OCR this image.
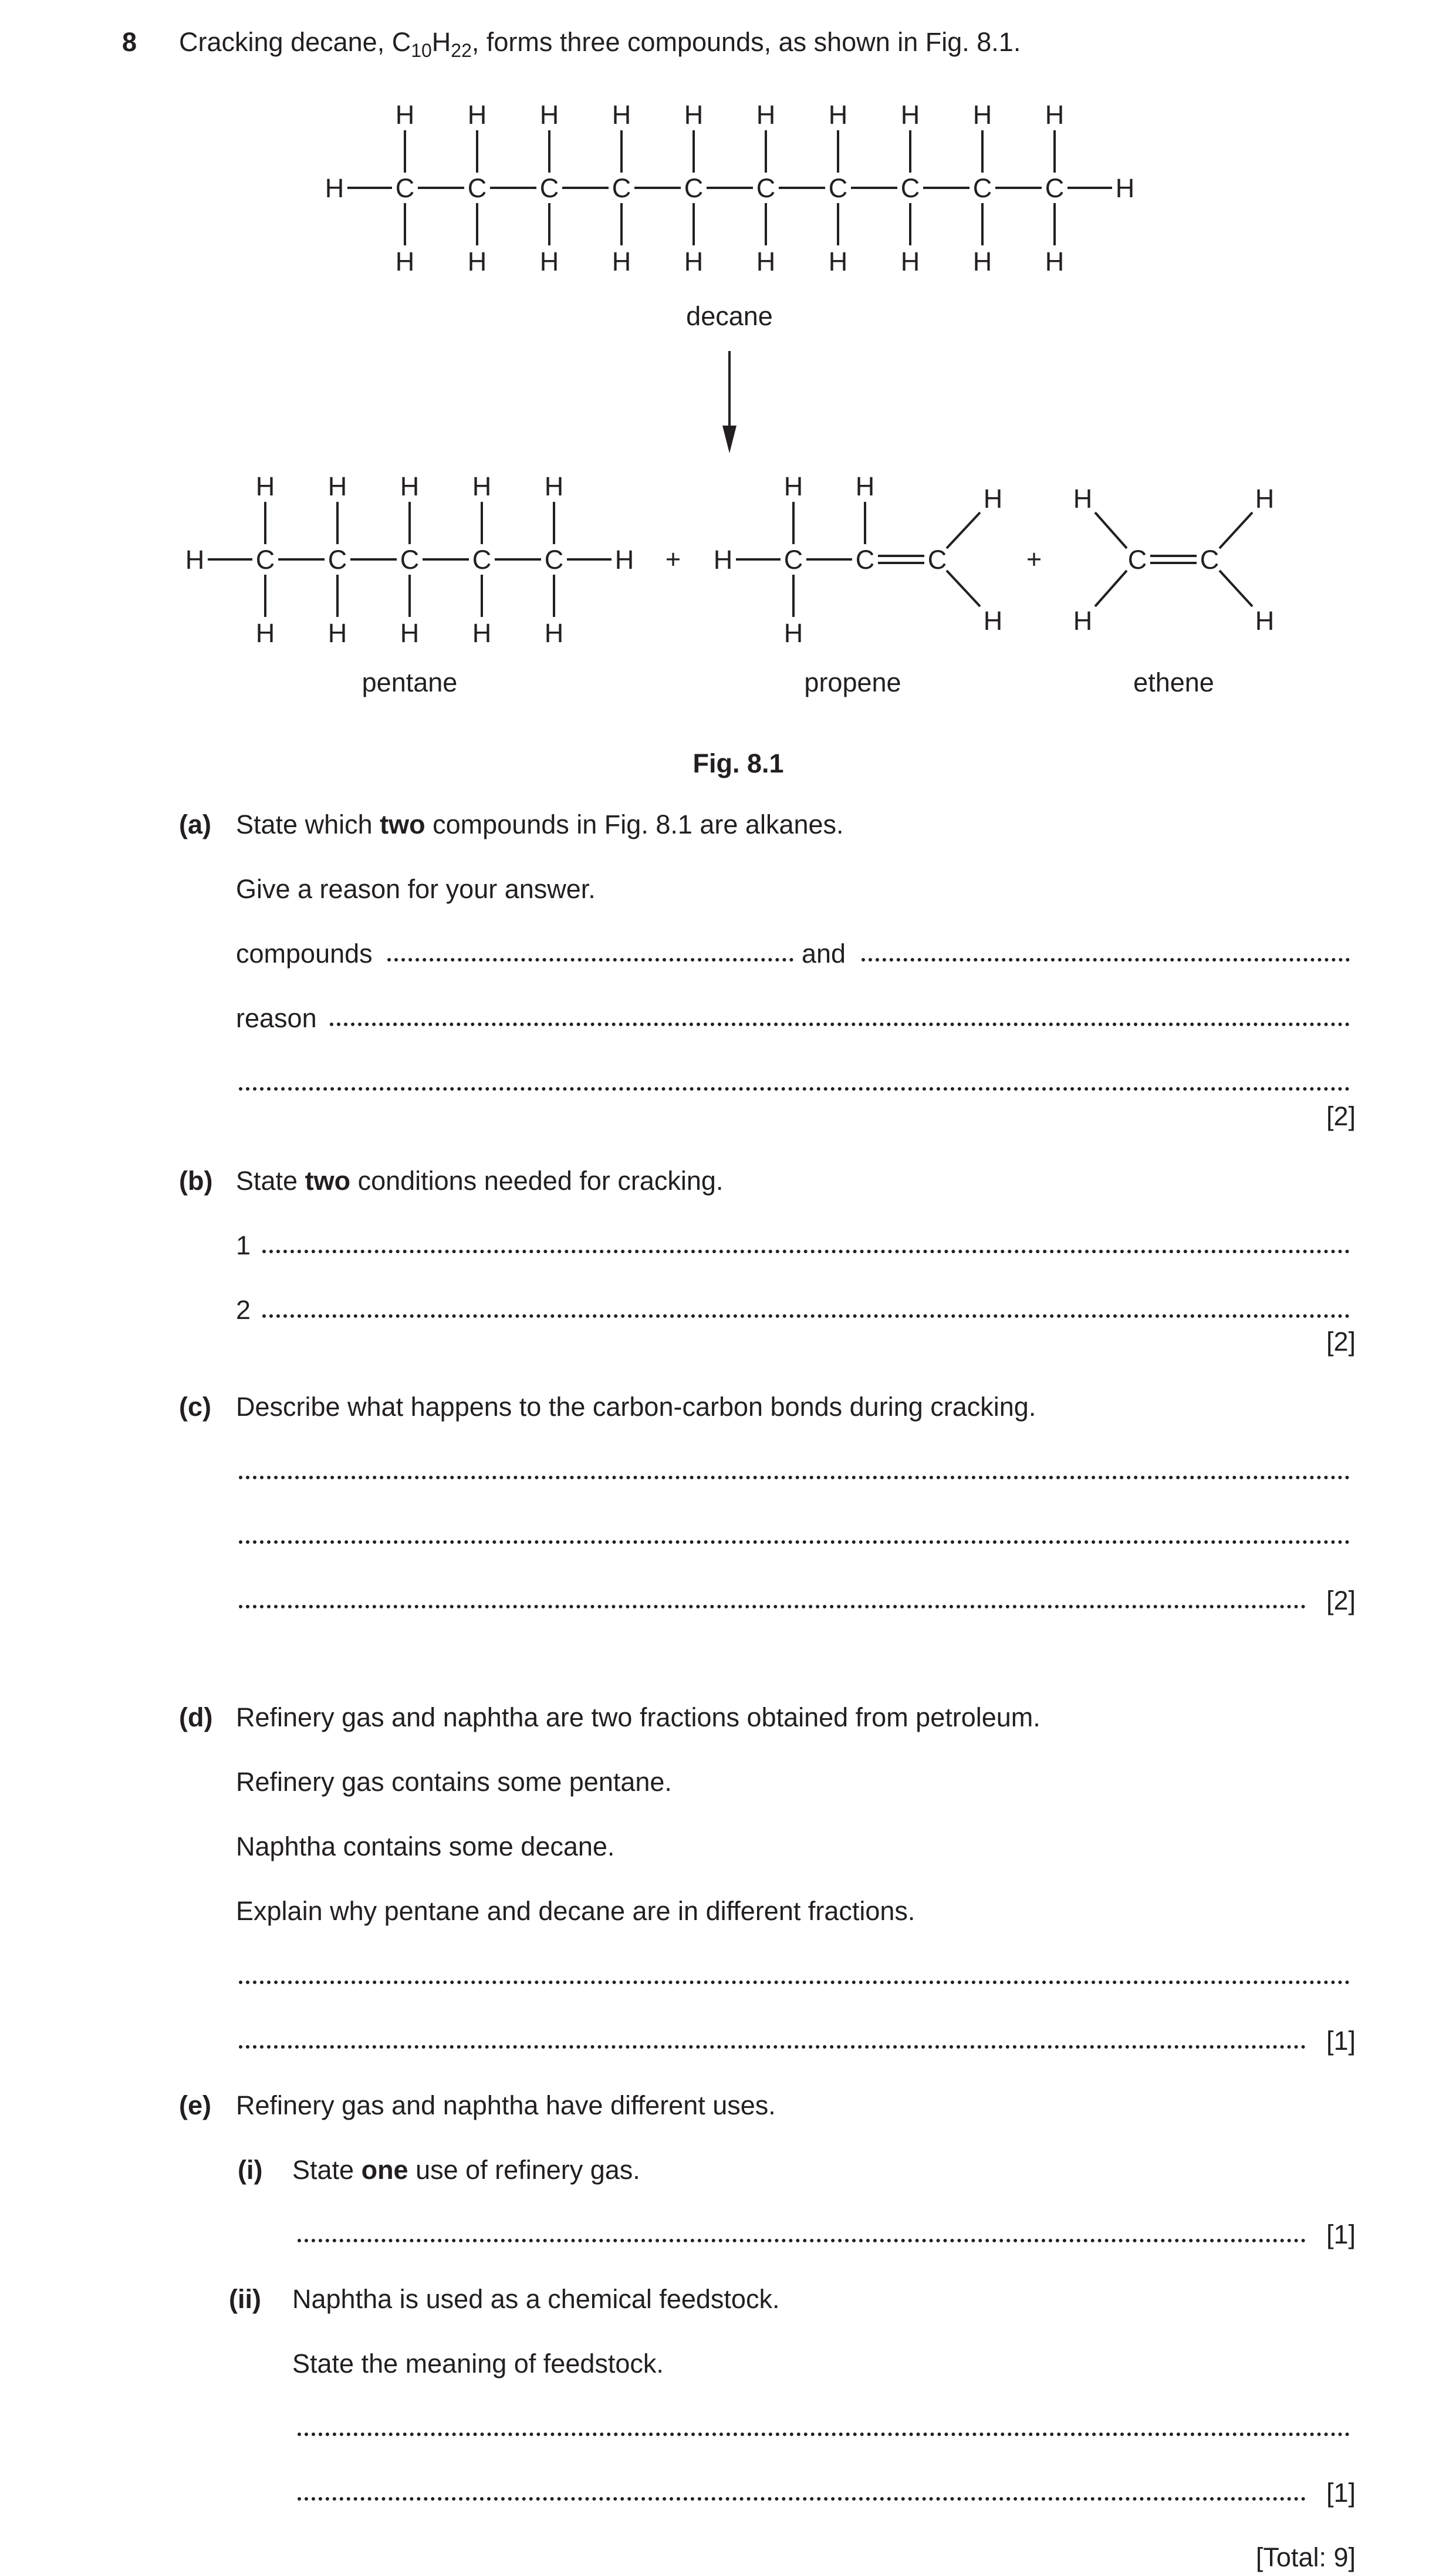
8 Cracking decane, $C_{10}H_{22}$, forms three compounds, as shown in Fig. 8.1.
C
H
H
C
H
H
C
H
H
C
H
H
C
H
H
C
H
H
C
H
H
C
H
H
C
H
H
C
H
H
H	H
C
H
H
C
H
H
C
H
H
C
H
H
C
H
H
H	H	H C
H
H
C
H
C
H
H
C C
H
H
H
H
+	+
decane
pentane	propene	ethene
Fig. 8.1
(a) State which two compounds in Fig. 8.1 are alkanes.
Give a reason for your answer.
compounds	and
reason
[2]
(b) State two conditions needed for cracking.
1
2
[2]
(c) Describe what happens to the carbon-carbon bonds during cracking.
[2]
(d) Refinery gas and naphtha are two fractions obtained from petroleum.
Refinery gas contains some pentane.
Naphtha contains some decane.
Explain why pentane and decane are in different fractions.
[1]
(e) Refinery gas and naphtha have different uses.
(i) State one use of refinery gas.
[1]
(ii) Naphtha is used as a chemical feedstock.
State the meaning of feedstock.
[1]
[Total: 9]
